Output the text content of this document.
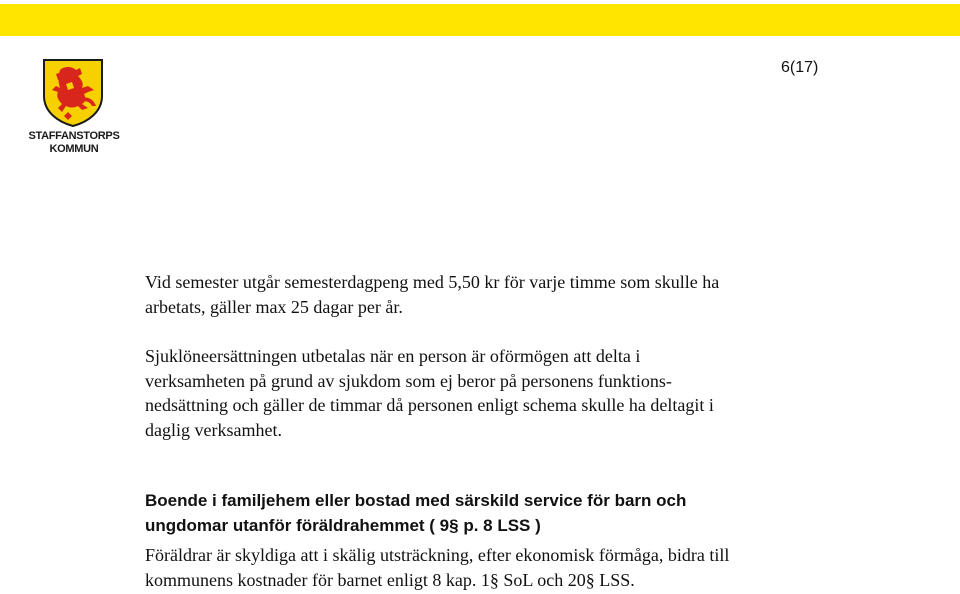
6(17)
STAFFANSTORPS
KOMMUN

Vid semester utgår semesterdagpeng med 5,50 kr för varje timme som skulle ha
arbetats, gäller max 25 dagar per år.

Sjuklöneersättningen utbetalas när en person är oförmögen att delta i
verksamheten på grund av sjukdom som ej beror på personens funktions-
nedsättning och gäller de timmar då personen enligt schema skulle ha deltagit i
daglig verksamhet.

Boende i familjehem eller bostad med särskild service för barn och
ungdomar utanför föräldrahemmet ( 9§ p. 8 LSS )

Föräldrar är skyldiga att i skälig utsträckning, efter ekonomisk förmåga, bidra till
kommunens kostnader för barnet enligt 8 kap. 1§ SoL och 20§ LSS.
